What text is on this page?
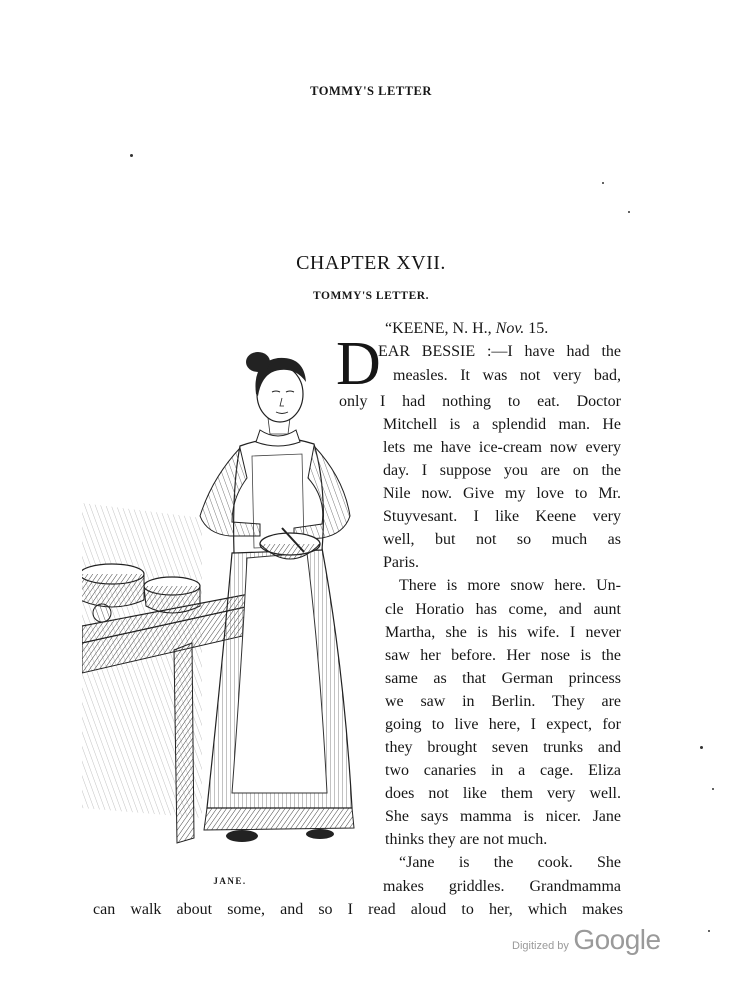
TOMMY'S LETTER
CHAPTER XVII.
TOMMY'S LETTER.
JANE.
“KEENE, N. H., Nov. 15.
D
EAR BESSIE :—I have had the
measles. It was not very bad,
only I had nothing to eat. Doctor
Mitchell is a splendid man. He
lets me have ice-cream now every
day. I suppose you are on the
Nile now. Give my love to Mr.
Stuyvesant. I like Keene very
well, but not so much as
Paris.
There is more snow here. Un-
cle Horatio has come, and aunt
Martha, she is his wife. I never
saw her before. Her nose is the
same as that German princess
we saw in Berlin. They are
going to live here, I expect, for
they brought seven trunks and
two canaries in a cage. Eliza
does not like them very well.
She says mamma is nicer. Jane
thinks they are not much.
“Jane is the cook. She
makes griddles. Grandmamma
can walk about some, and so I read aloud to her, which makes
Digitized by Google
